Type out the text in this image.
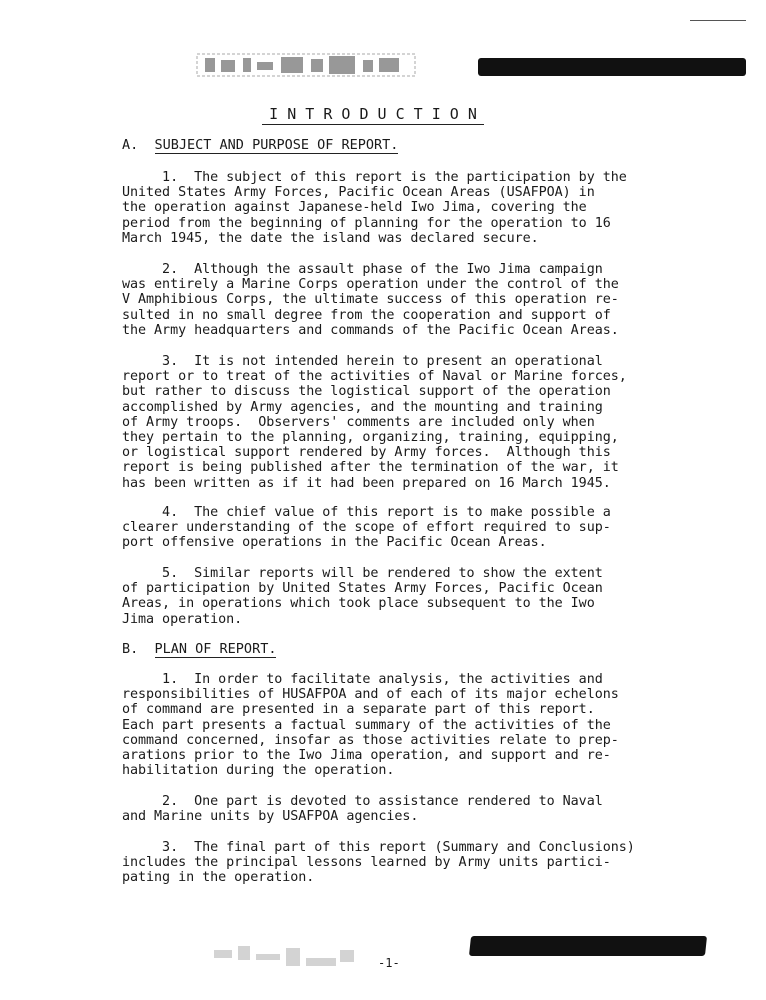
I N T R O D U C T I O N
A. SUBJECT AND PURPOSE OF REPORT.
1.  The subject of this report is the participation by the
United States Army Forces, Pacific Ocean Areas (USAFPOA) in
the operation against Japanese-held Iwo Jima, covering the
period from the beginning of planning for the operation to 16
March 1945, the date the island was declared secure.
2.  Although the assault phase of the Iwo Jima campaign
was entirely a Marine Corps operation under the control of the
V Amphibious Corps, the ultimate success of this operation re-
sulted in no small degree from the cooperation and support of
the Army headquarters and commands of the Pacific Ocean Areas.
3.  It is not intended herein to present an operational
report or to treat of the activities of Naval or Marine forces,
but rather to discuss the logistical support of the operation
accomplished by Army agencies, and the mounting and training
of Army troops.  Observers' comments are included only when
they pertain to the planning, organizing, training, equipping,
or logistical support rendered by Army forces.  Although this
report is being published after the termination of the war, it
has been written as if it had been prepared on 16 March 1945.
4.  The chief value of this report is to make possible a
clearer understanding of the scope of effort required to sup-
port offensive operations in the Pacific Ocean Areas.
5.  Similar reports will be rendered to show the extent
of participation by United States Army Forces, Pacific Ocean
Areas, in operations which took place subsequent to the Iwo
Jima operation.
B. PLAN OF REPORT.
1.  In order to facilitate analysis, the activities and
responsibilities of HUSAFPOA and of each of its major echelons
of command are presented in a separate part of this report.
Each part presents a factual summary of the activities of the
command concerned, insofar as those activities relate to prep-
arations prior to the Iwo Jima operation, and support and re-
habilitation during the operation.
2.  One part is devoted to assistance rendered to Naval
and Marine units by USAFPOA agencies.
3.  The final part of this report (Summary and Conclusions)
includes the principal lessons learned by Army units partici-
pating in the operation.
-1-
